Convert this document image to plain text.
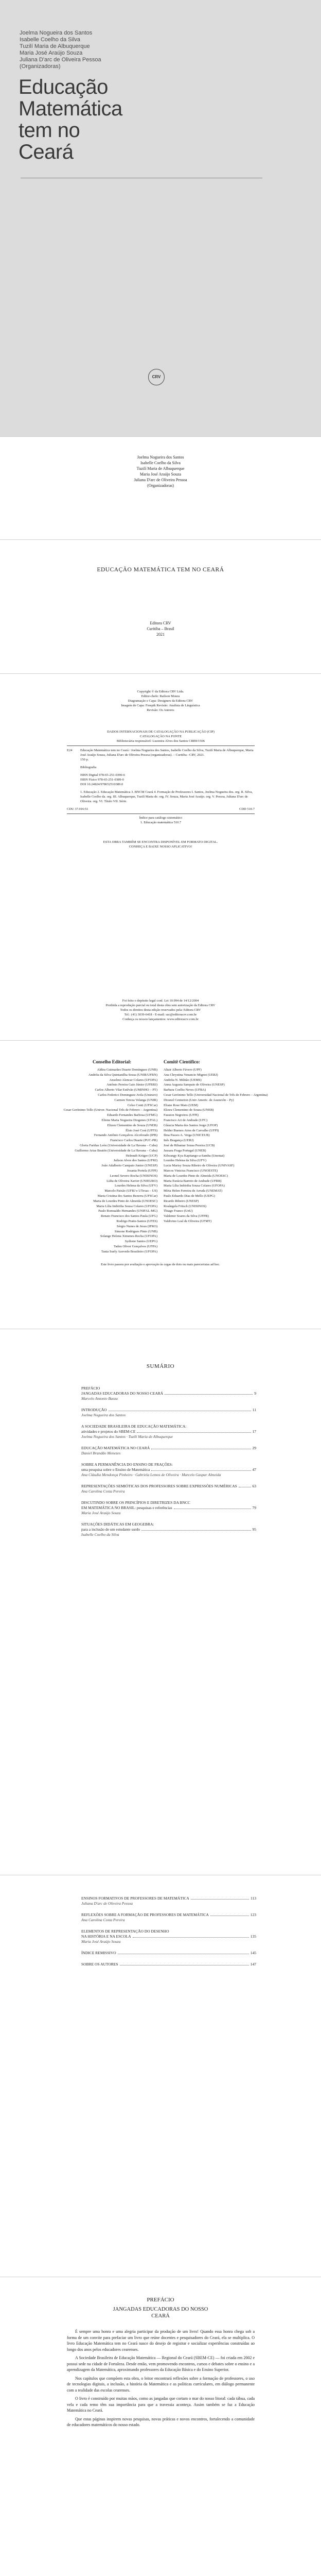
Joelma Nogueira dos Santos
Isabelle Coelho da Silva
Tuzilí Maria de Albuquerque
Maria José Araújo Souza
Juliana D'arc de Oliveira Pessoa
(Organizadoras)
Educação
Matemática
tem no
Ceará
CRV
Joelma Nogueira dos Santos
Isabelle Coelho da Silva
Tuzilí Maria de Albuquerque
Maria José Araújo Souza
Juliana D'arc de Oliveira Pessoa
(Organizadoras)
EDUCAÇÃO MATEMÁTICA TEM NO CEARÁ
Editora CRV
Curitiba – Brasil
2021
Copyright © da Editora CRV Ltda.
Editor-chefe: Railson Moura
Diagramação e Capa: Designers da Editora CRV
Imagem de Capa: Freepik Revisão: Analista de Linguística
Revisão: Os Autores
DADOS INTERNACIONAIS DE CATALOGAÇÃO NA PUBLICAÇÃO (CIP)
CATALOGAÇÃO NA FONTE
Bibliotecária responsável: Luzenira Alves dos Santos CRB9/1506
E24	Educação Matemática tem no Ceará / Joelma Nogueira dos Santos, Isabelle Coelho da Silva, Tuzilí Maria de Albuquerque, Maria José Araújo Souza, Juliana D'arc de Oliveira Pessoa (organizadoras). – Curitiba : CRV, 2021.
150 p.
Bibliografia
ISBN Digital 978-65-251-0390-6
ISBN Físico 978-65-251-0389-0
DOI 10.24824/978652510389.0
1. Educação 2. Educação Matemática 3. BNCM Ceará 4. Formação de Professores I. Santos, Joelma Nogueira dos. org. II. Silva, Isabelle Coelho da. org. III. Albuquerque, Tuzilí Maria de. org. IV. Souza, Maria José Araújo. org. V. Pessoa, Juliana D'arc de Oliveira. org. VI. Título VII. Série.
CDU 37.016:51	CDD 510.7
Índice para catálogo sistemático
1. Educação matemática 510.7
ESTA OBRA TAMBÉM SE ENCONTRA DISPONÍVEL EM FORMATO DIGITAL.
CONHEÇA E BAIXE NOSSO APLICATIVO!
Foi feito o depósito legal conf. Lei 10.994 de 14/12/2004
Proibida a reprodução parcial ou total desta obra sem autorização da Editora CRV
Todos os direitos desta edição reservados pela: Editora CRV
Tel.: (41) 3039-6418 - E-mail: sac@editoracrv.com.br
Conheça os nossos lançamentos: www.editoracrv.com.br
Conselho Editorial:	Comitê Científico:
Aldira Guimarães Duarte Domínguez (UNB)
Andréia da Silva Quintanilha Sousa (UNIR/UFRN)
Anselmo Alencar Colares (UFOPA)
Antônio Pereira Gaio Júnior (UFRRJ)
Carlos Alberto Vilar Estêvão (UMINHO – PT)
Carlos Federico Dominguez Avila (Unieuro)
Carmen Tereza Velanga (UNIR)
Celso Conti (UFSCar)
Cesar Gerónimo Tello (Univer. Nacional Três de Febrero – Argentina)
Eduardo Fernandes Barbosa (UFMG)
Elione Maria Nogueira Diogenes (UFAL)
Elizeu Clementino de Souza (UNEB)
Élsio José Corá (UFFS)
Fernando Antônio Gonçalves Alcoforado (IPB)
Francisco Carlos Duarte (PUC-PR)
Gloria Fariñas León (Universidade de La Havana – Cuba)
Guillermo Arias Beatón (Universidade de La Havana – Cuba)
Helmuth Krüger (UCP)
Jailson Alves dos Santos (UFRJ)
João Adalberto Campato Junior (UNESP)
Josania Portela (UFPI)
Leonel Severo Rocha (UNISINOS)
Lídia de Oliveira Xavier (UNIEURO)
Lourdes Helena da Silva (UFV)
Marcelo Paixão (UFRJ e UTexas – US)
Maria Cristina dos Santos Bezerra (UFSCar)
Maria de Lourdes Pinto de Almeida (UNOESC)
Maria Lília Imbiriba Sousa Colares (UFOPA)
Paulo Romualdo Hernandes (UNIFAL-MG)
Renato Francisco dos Santos Paula (UFG)
Rodrigo Pratte-Santos (UFES)
Sérgio Nunes de Jesus (IFRO)
Simone Rodrigues Pinto (UNB)
Solange Helena Ximenes-Rocha (UFOPA)
Sydione Santos (UEPG)
Tadeu Oliver Gonçalves (UFPA)
Tania Suely Azevedo Brasileiro (UFOPA)
Altair Alberto Fávero (UPF)
Ana Chrystina Venancio Mignot (UERJ)
Andréia N. Militão (UEMS)
Anna Augusta Sampaio de Oliveira (UNESP)
Barbara Coelho Neves (UFBA)
Cesar Gerónimo Tello (Universidad Nacional de Três de Febrero – Argentina)
Diosnel Centurion (Univ Americ. de Asunción – Py)
Eliane Rose Maio (UEM)
Elizeu Clementino de Souza (UNEB)
Fauston Negreiros (UFPI)
Francisco Ari de Andrade (UFC)
Gláucia Maria dos Santos Jorge (UFOP)
Helder Buenos Aires de Carvalho (UFPI)
Ilma Passos A. Veiga (UNICEUB)
Inês Bragança (UERJ)
José de Ribamar Sousa Pereira (UCB)
Jussara Fraga Portugal (UNEB)
Kilwangy Kya Kapitango-a-Samba (Unemat)
Lourdes Helena da Silva (UFV)
Lucia Marisy Souza Ribeiro de Oliveira (UNIVASF)
Marcos Vinicius Francisco (UNOESTE)
Maria de Lourdes Pinto de Almeida (UNOESC)
Maria Eurácia Barreto de Andrade (UFRB)
Maria Lília Imbiriba Sousa Colares (UFOPA)
Míria Helen Ferreira de Arruda (UNEMAT)
Paulo Eduardo Dias de Mello (UEPG)
Ricardo Ribeiro (UNESP)
Rosângela Fritsch (UNISINOS)
Thiago Franco (UnU)
Valdemir Soares da Silva (UFPB)
Valdivino Leal de Oliveira (UFMT)
Este livro passou por avaliação e aprovação às cegas de dois ou mais pareceristas ad hoc.
SUMÁRIO
PREFÁCIO
JANGADAS EDUCADORAS DO NOSSO CEARÁ	9
Marcelo Antonio Baeza
INTRODUÇÃO	11
Joelma Nogueira dos Santos
A SOCIEDADE BRASILEIRA DE EDUCAÇÃO MATEMÁTICA:
atividades e projetos do SBEM-CE	17
Joelma Nogueira dos Santos · Tuzilí Maria de Albuquerque
EDUCAÇÃO MATEMÁTICA NO CEARÁ	29
Daniel Brandão Menezes
SOBRE A PERMANÊNCIA DO ENSINO DE FRAÇÕES:
uma pesquisa sobre o Ensino de Matemática	47
Ana Cláudia Mendonça Pinheiro · Gabriela Lemos de Oliveira · Marcelo Gaspar Almeida
REPRESENTAÇÕES SEMIÓTICAS DOS PROFESSORES SOBRE EXPRESSÕES NUMÉRICAS	63
Ana Carolina Costa Pereira
DISCUTINDO SOBRE OS PRINCÍPIOS E DIRETRIZES DA BNCC
EM MATEMÁTICA NO BRASIL: pesquisas e referências	79
Maria José Araújo Souza
SITUAÇÕES DIDÁTICAS EM GEOGEBRA:
para a inclusão de um estudante surdo	95
Isabelle Coelho da Silva
ENSINOS FORMATIVOS DE PROFESSORES DE MATEMÁTICA	113
Juliana D'arc de Oliveira Pessoa
REFLEXÕES SOBRE A FORMAÇÃO DE PROFESSORES DE MATEMÁTICA	123
Ana Carolina Costa Pereira
ELEMENTOS DE REPRESENTAÇÃO DO DESENHO
NA HISTÓRIA E NA ESCOLA	135
Maria José Araújo Souza
ÍNDICE REMISSIVO	145
SOBRE OS AUTORES	147
PREFÁCIO
JANGADAS EDUCADORAS DO NOSSO CEARÁ

É sempre uma honra e uma alegria participar da produção de um livro! Quando essa honra chega sob a forma de um convite para prefaciar um livro que reúne docentes e pesquisadores do Ceará, ela se multiplica. O livro Educação Matemática tem no Ceará nasce do desejo de registrar e socializar experiências construídas ao longo dos anos pelos educadores cearenses.

A Sociedade Brasileira de Educação Matemática — Regional do Ceará (SBEM-CE) — foi criada em 2002 e possui sede na cidade de Fortaleza. Desde então, vem promovendo encontros, cursos e debates sobre o ensino e a aprendizagem da Matemática, aproximando professores da Educação Básica e do Ensino Superior.

Nos capítulos que compõem esta obra, o leitor encontrará reflexões sobre a formação de professores, o uso de tecnologias digitais, a inclusão, a história da Matemática e as políticas curriculares, em diálogo permanente com a realidade das escolas cearenses.

O livro é construído por muitas mãos, como as jangadas que cortam o mar do nosso litoral: cada tábua, cada vela e cada remo têm sua importância para que a travessia aconteça. Assim também se faz a Educação Matemática no Ceará.

Que estas páginas inspirem novas pesquisas, novas práticas e novos encontros, fortalecendo a comunidade de educadores matemáticos do nosso estado.
